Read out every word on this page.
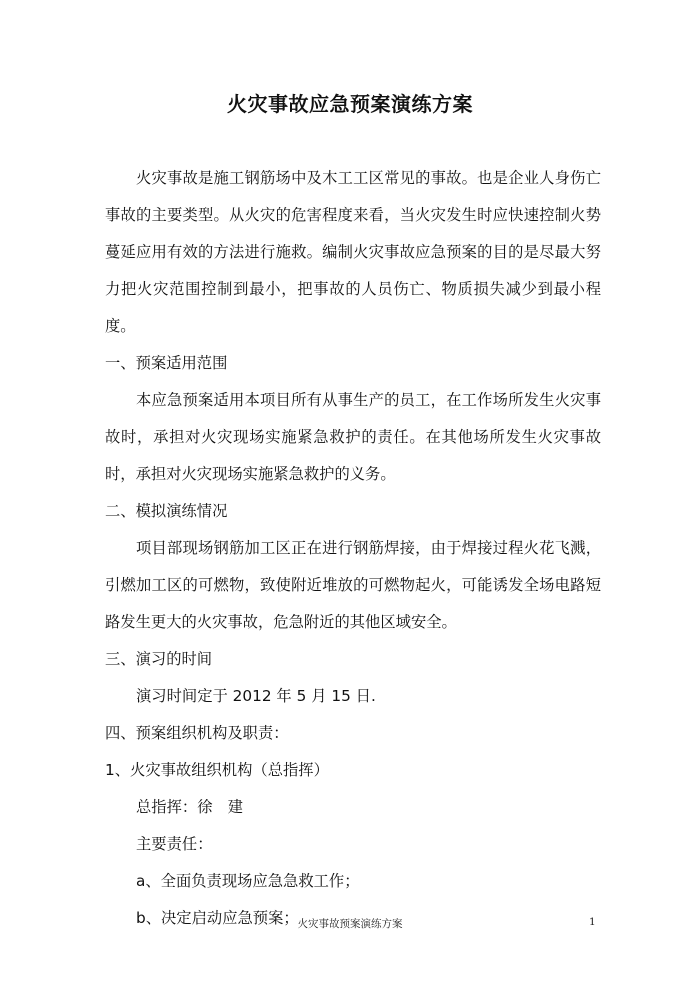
火灾事故应急预案演练方案

火灾事故是施工钢筋场中及木工工区常见的事故。也是企业人身伤亡事故的主要类型。从火灾的危害程度来看，当火灾发生时应快速控制火势蔓延应用有效的方法进行施救。编制火灾事故应急预案的目的是尽最大努力把火灾范围控制到最小，把事故的人员伤亡、物质损失减少到最小程度。

一、预案适用范围

本应急预案适用本项目所有从事生产的员工，在工作场所发生火灾事故时，承担对火灾现场实施紧急救护的责任。在其他场所发生火灾事故时，承担对火灾现场实施紧急救护的义务。

二、模拟演练情况

项目部现场钢筋加工区正在进行钢筋焊接，由于焊接过程火花飞溅，引燃加工区的可燃物，致使附近堆放的可燃物起火，可能诱发全场电路短路发生更大的火灾事故，危急附近的其他区域安全。

三、演习的时间

演习时间定于 2012 年 5 月 15 日.

四、预案组织机构及职责：

1、火灾事故组织机构（总指挥）

总指挥：徐　建

主要责任：

a、全面负责现场应急急救工作；

b、决定启动应急预案；

火灾事故预案演练方案	1
